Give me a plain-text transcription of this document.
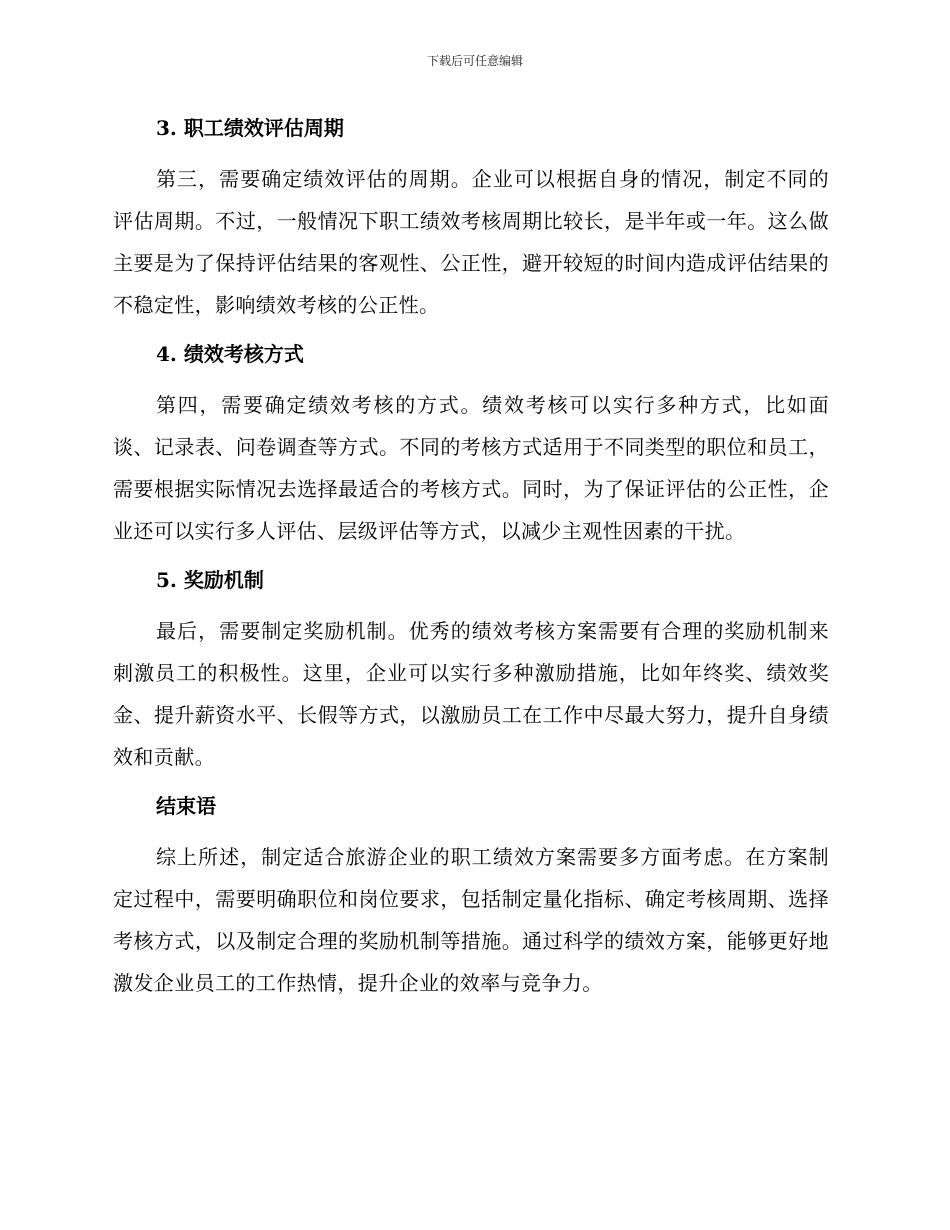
下载后可任意编辑
3. 职工绩效评估周期

第三，需要确定绩效评估的周期。企业可以根据自身的情况，制定不同的评估周期。不过，一般情况下职工绩效考核周期比较长，是半年或一年。这么做主要是为了保持评估结果的客观性、公正性，避开较短的时间内造成评估结果的不稳定性，影响绩效考核的公正性。

4. 绩效考核方式

第四，需要确定绩效考核的方式。绩效考核可以实行多种方式，比如面谈、记录表、问卷调查等方式。不同的考核方式适用于不同类型的职位和员工，需要根据实际情况去选择最适合的考核方式。同时，为了保证评估的公正性，企业还可以实行多人评估、层级评估等方式，以减少主观性因素的干扰。

5. 奖励机制

最后，需要制定奖励机制。优秀的绩效考核方案需要有合理的奖励机制来刺激员工的积极性。这里，企业可以实行多种激励措施，比如年终奖、绩效奖金、提升薪资水平、长假等方式，以激励员工在工作中尽最大努力，提升自身绩效和贡献。

结束语

综上所述，制定适合旅游企业的职工绩效方案需要多方面考虑。在方案制定过程中，需要明确职位和岗位要求，包括制定量化指标、确定考核周期、选择考核方式，以及制定合理的奖励机制等措施。通过科学的绩效方案，能够更好地激发企业员工的工作热情，提升企业的效率与竞争力。
